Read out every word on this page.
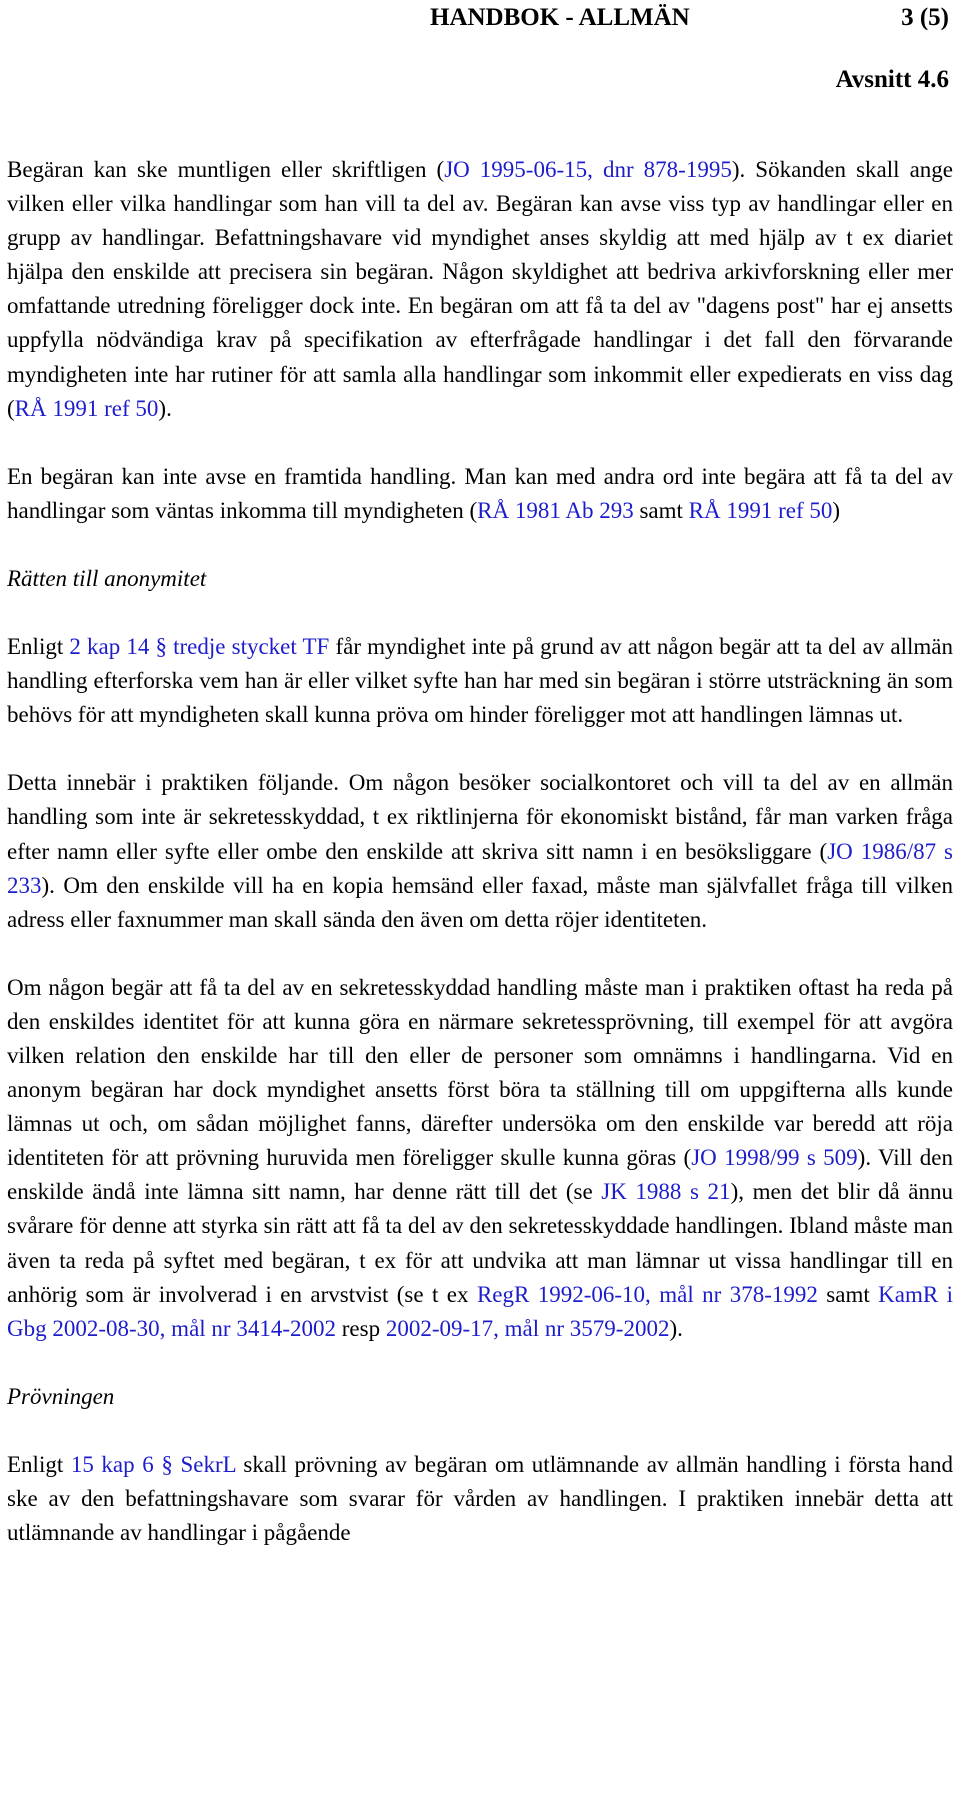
HANDBOK - ALLMÄN	3 (5)
Avsnitt 4.6

Begäran kan ske muntligen eller skriftligen (JO 1995-06-15, dnr 878-1995). Sökanden skall ange vilken eller vilka handlingar som han vill ta del av. Begäran kan avse viss typ av handlingar eller en grupp av handlingar. Befattningshavare vid myndighet anses skyldig att med hjälp av t ex diariet hjälpa den enskilde att precisera sin begäran. Någon skyldighet att bedriva arkivforskning eller mer omfattande utredning föreligger dock inte. En begäran om att få ta del av "dagens post" har ej ansetts uppfylla nödvändiga krav på specifikation av efterfrågade handlingar i det fall den förvarande myndigheten inte har rutiner för att samla alla handlingar som inkommit eller expedierats en viss dag (RÅ 1991 ref 50).

En begäran kan inte avse en framtida handling. Man kan med andra ord inte begära att få ta del av handlingar som väntas inkomma till myndigheten (RÅ 1981 Ab 293 samt RÅ 1991 ref 50)

Rätten till anonymitet

Enligt 2 kap 14 § tredje stycket TF får myndighet inte på grund av att någon begär att ta del av allmän handling efterforska vem han är eller vilket syfte han har med sin begäran i större utsträckning än som behövs för att myndigheten skall kunna pröva om hinder föreligger mot att handlingen lämnas ut.

Detta innebär i praktiken följande. Om någon besöker socialkontoret och vill ta del av en allmän handling som inte är sekretesskyddad, t ex riktlinjerna för ekonomiskt bistånd, får man varken fråga efter namn eller syfte eller ombe den enskilde att skriva sitt namn i en besöksliggare (JO 1986/87 s 233). Om den enskilde vill ha en kopia hemsänd eller faxad, måste man självfallet fråga till vilken adress eller faxnummer man skall sända den även om detta röjer identiteten.

Om någon begär att få ta del av en sekretesskyddad handling måste man i praktiken oftast ha reda på den enskildes identitet för att kunna göra en närmare sekretessprövning, till exempel för att avgöra vilken relation den enskilde har till den eller de personer som omnämns i handlingarna. Vid en anonym begäran har dock myndighet ansetts först böra ta ställning till om uppgifterna alls kunde lämnas ut och, om sådan möjlighet fanns, därefter undersöka om den enskilde var beredd att röja identiteten för att prövning huruvida men föreligger skulle kunna göras (JO 1998/99 s 509). Vill den enskilde ändå inte lämna sitt namn, har denne rätt till det (se JK 1988 s 21), men det blir då ännu svårare för denne att styrka sin rätt att få ta del av den sekretesskyddade handlingen. Ibland måste man även ta reda på syftet med begäran, t ex för att undvika att man lämnar ut vissa handlingar till en anhörig som är involverad i en arvstvist (se t ex RegR 1992-06-10, mål nr 378-1992 samt KamR i Gbg 2002-08-30, mål nr 3414-2002 resp 2002-09-17, mål nr 3579-2002).

Prövningen

Enligt 15 kap 6 § SekrL skall prövning av begäran om utlämnande av allmän handling i första hand ske av den befattningshavare som svarar för vården av handlingen. I praktiken innebär detta att utlämnande av handlingar i pågående
